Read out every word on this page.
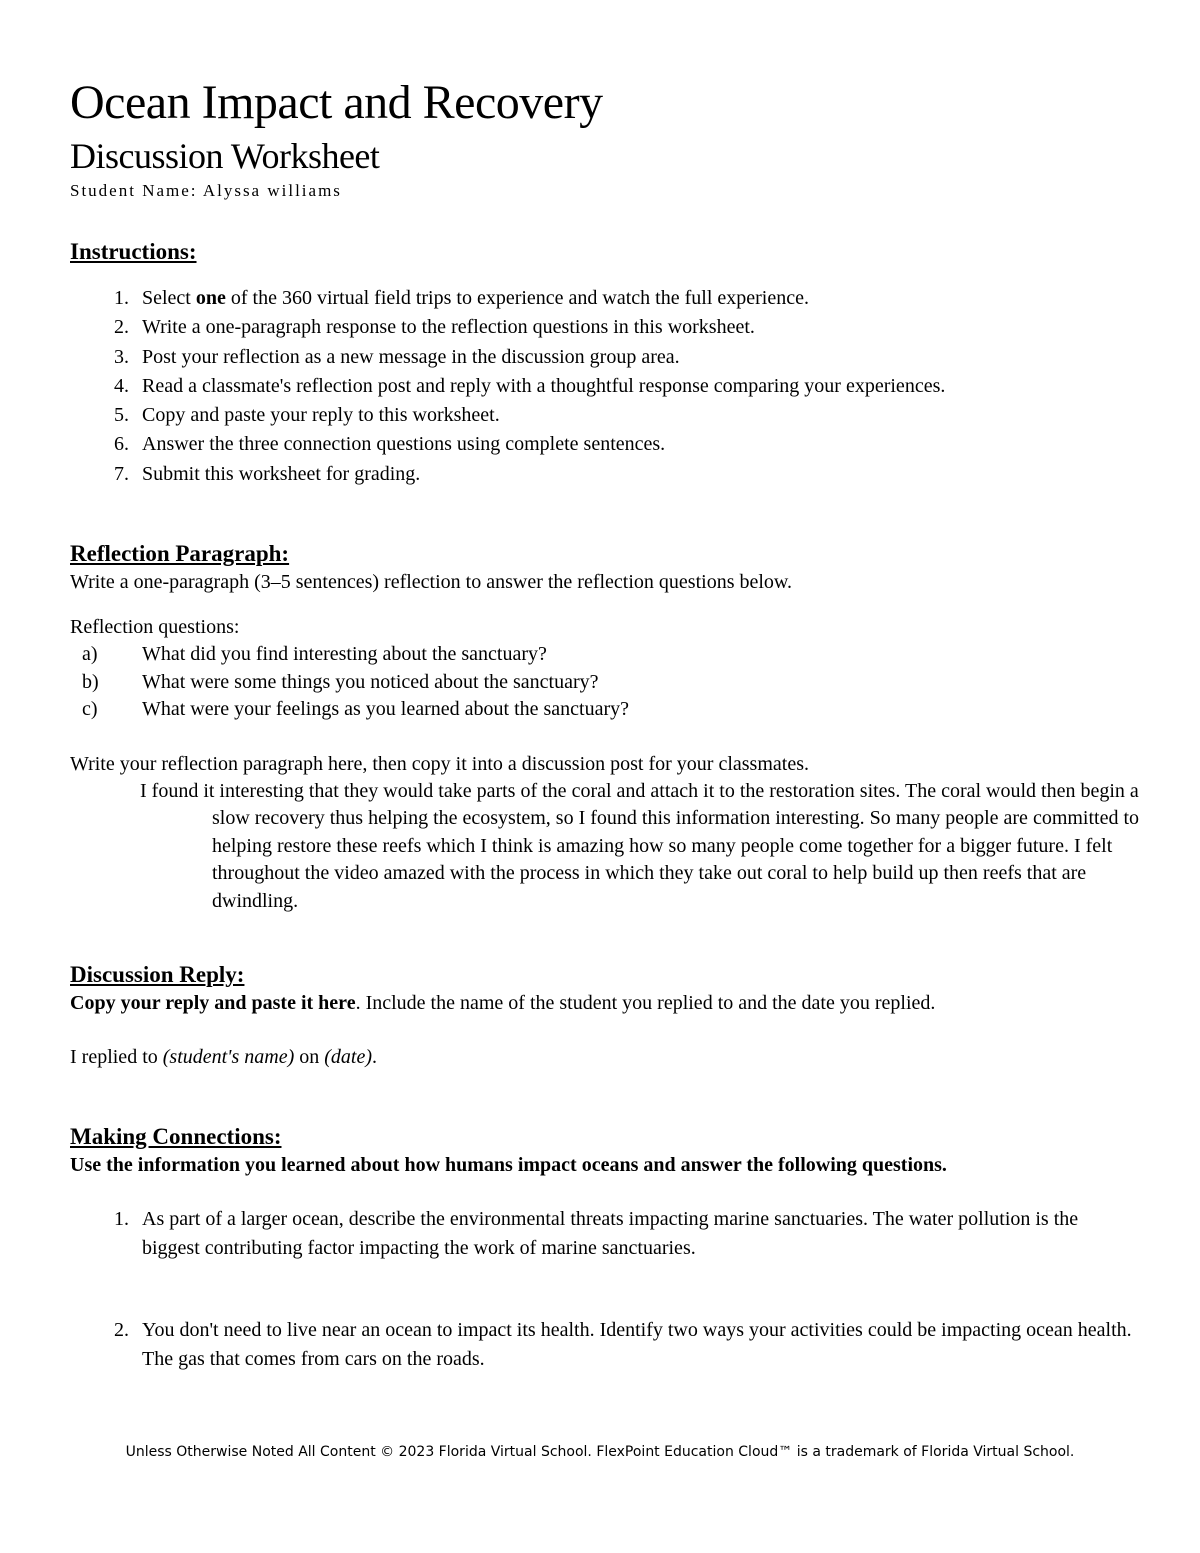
Ocean Impact and Recovery
Discussion Worksheet
Student Name: Alyssa williams
Instructions:
1. Select one of the 360 virtual field trips to experience and watch the full experience.
2. Write a one-paragraph response to the reflection questions in this worksheet.
3. Post your reflection as a new message in the discussion group area.
4. Read a classmate's reflection post and reply with a thoughtful response comparing your experiences.
5. Copy and paste your reply to this worksheet.
6. Answer the three connection questions using complete sentences.
7. Submit this worksheet for grading.
Reflection Paragraph:

Write a one-paragraph (3–5 sentences) reflection to answer the reflection questions below.

Reflection questions:

a) What did you find interesting about the sanctuary?
b) What were some things you noticed about the sanctuary?
c) What were your feelings as you learned about the sanctuary?

Write your reflection paragraph here, then copy it into a discussion post for your classmates.

I found it interesting that they would take parts of the coral and attach it to the restoration sites. The coral would then begin a slow recovery thus helping the ecosystem, so I found this information interesting. So many people are committed to helping restore these reefs which I think is amazing how so many people come together for a bigger future. I felt throughout the video amazed with the process in which they take out coral to help build up then reefs that are dwindling.
Discussion Reply:

Copy your reply and paste it here. Include the name of the student you replied to and the date you replied.

I replied to (student's name) on (date).

Making Connections:

Use the information you learned about how humans impact oceans and answer the following questions.

1. As part of a larger ocean, describe the environmental threats impacting marine sanctuaries. The water pollution is the biggest contributing factor impacting the work of marine sanctuaries.
2. You don't need to live near an ocean to impact its health. Identify two ways your activities could be impacting ocean health. The gas that comes from cars on the roads.
Unless Otherwise Noted All Content © 2023 Florida Virtual School. FlexPoint Education Cloud™ is a trademark of Florida Virtual School.
